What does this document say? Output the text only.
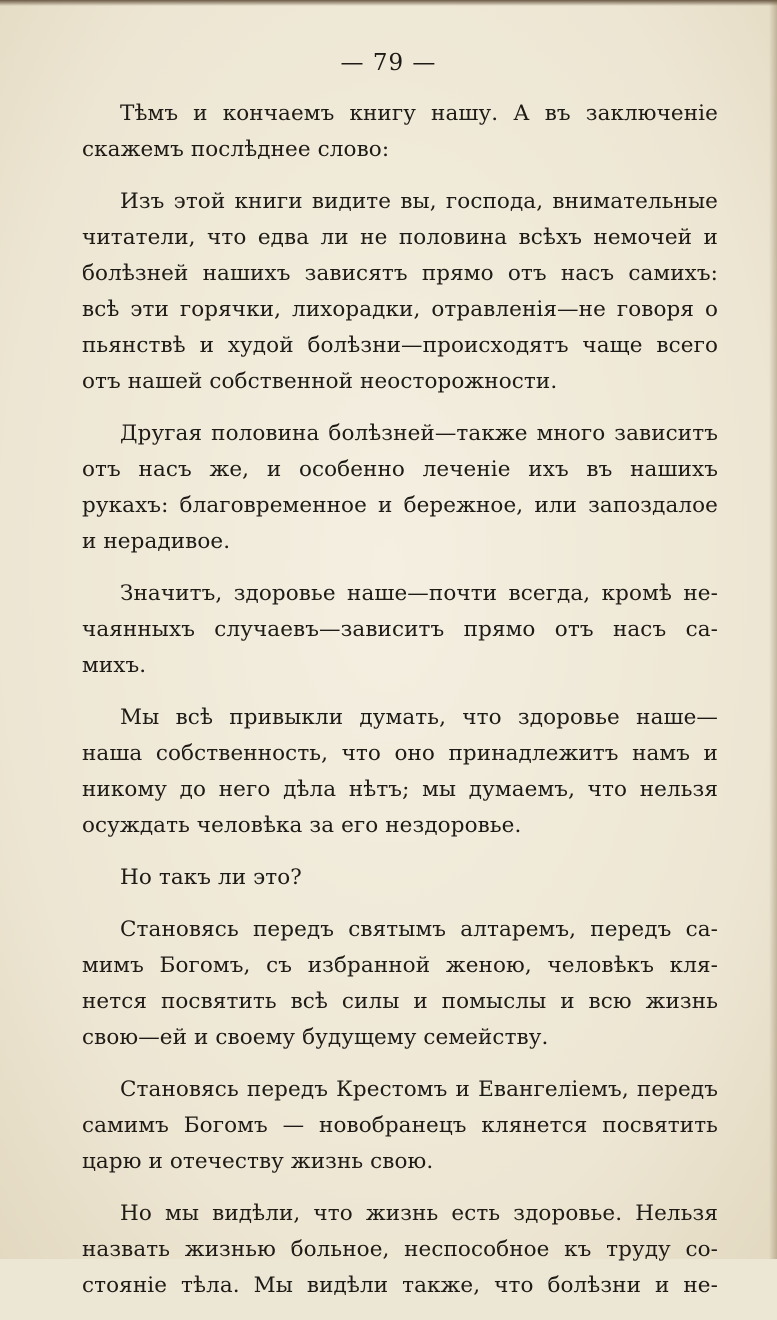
— 79 —

Тѣмъ и кончаемъ книгу нашу. А въ заключенiе
скажемъ послѣднее слово:

Изъ этой книги видите вы, господа, внимательные
читатели, что едва ли не половина всѣхъ немочей и
болѣзней нашихъ зависятъ прямо отъ насъ самихъ:
всѣ эти горячки, лихорадки, отравленiя—не говоря о
пьянствѣ и худой болѣзни—происходятъ чаще всего
отъ нашей собственной неосторожности.

Другая половина болѣзней—также много зависитъ
отъ насъ же, и особенно леченiе ихъ въ нашихъ
рукахъ: благовременное и бережное, или запоздалое
и нерадивое.

Значитъ, здоровье наше—почти всегда, кромѣ не-
чаянныхъ случаевъ—зависитъ прямо отъ насъ са-
михъ.

Мы всѣ привыкли думать, что здоровье наше—
наша собственность, что оно принадлежитъ намъ и
никому до него дѣла нѣтъ; мы думаемъ, что нельзя
осуждать человѣка за его нездоровье.

Но такъ ли это?

Становясь передъ святымъ алтаремъ, передъ са-
мимъ Богомъ, съ избранной женою, человѣкъ кля-
нется посвятить всѣ силы и помыслы и всю жизнь
свою—ей и своему будущему семейству.

Становясь передъ Крестомъ и Евангелiемъ, передъ
самимъ Богомъ — новобранецъ клянется посвятить
царю и отечеству жизнь свою.

Но мы видѣли, что жизнь есть здоровье. Нельзя
назвать жизнью больное, неспособное къ труду со-
стоянiе тѣла. Мы видѣли также, что болѣзни и не-
